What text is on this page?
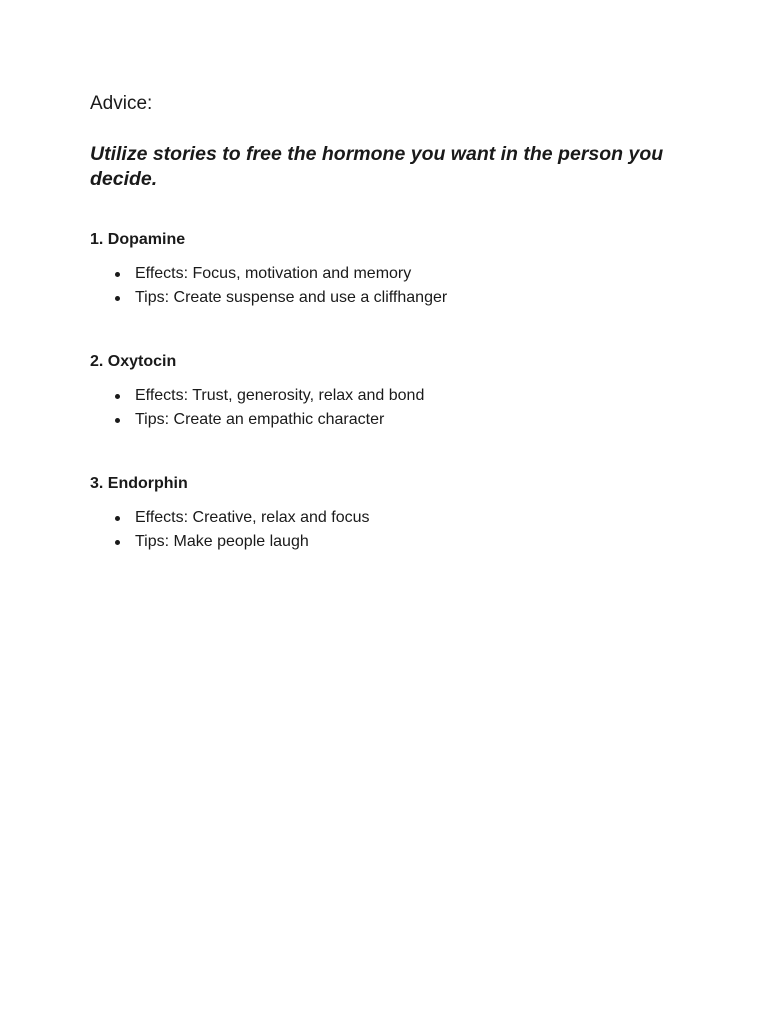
Advice:

Utilize stories to free the hormone you want in the person you decide.

1. Dopamine

Effects: Focus, motivation and memory
Tips: Create suspense and use a cliffhanger

2. Oxytocin

Effects: Trust, generosity, relax and bond
Tips: Create an empathic character

3. Endorphin

Effects: Creative, relax and focus
Tips: Make people laugh
